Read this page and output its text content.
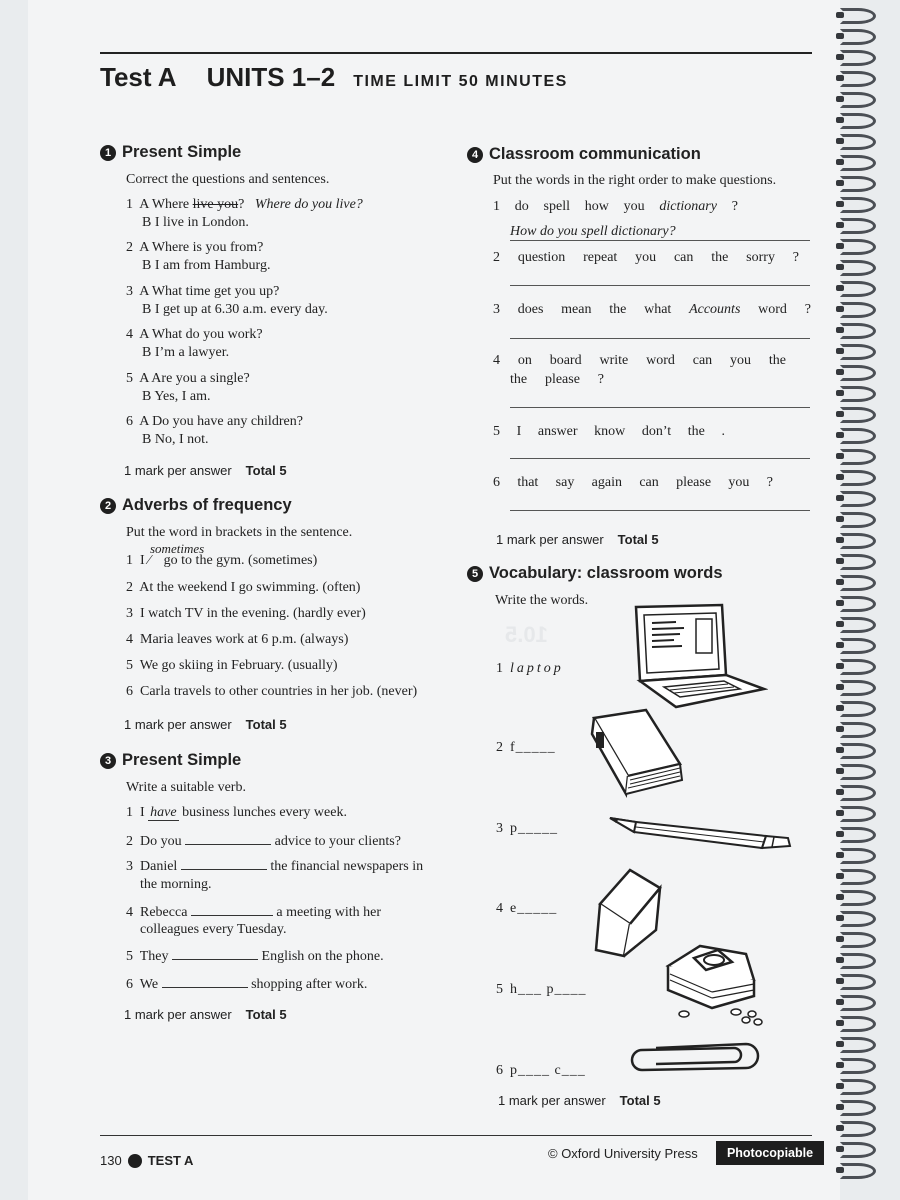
10.5
Test A UNITS 1–2 TIME LIMIT 50 MINUTES
1 Present Simple
Correct the questions and sentences.
1 A Where live you? Where do you live?
B I live in London.
2 A Where is you from?
B I am from Hamburg.
3 A What time get you up?
B I get up at 6.30 a.m. every day.
4 A What do you work?
B I’m a lawyer.
5 A Are you a single?
B Yes, I am.
6 A Do you have any children?
B No, I not.
1 mark per answer Total 5
2 Adverbs of frequency
Put the word in brackets in the sentence.
sometimes
1 I ⁄ go to the gym. (sometimes)
2 At the weekend I go swimming. (often)
3 I watch TV in the evening. (hardly ever)
4 Maria leaves work at 6 p.m. (always)
5 We go skiing in February. (usually)
6 Carla travels to other countries in her job. (never)
1 mark per answer Total 5
3 Present Simple
Write a suitable verb.
1 I have business lunches every week.
2 Do you	advice to your clients?
3 Daniel	the financial newspapers in
the morning.
4 Rebecca	a meeting with her
colleagues every Tuesday.
5 They	English on the phone.
6 We	shopping after work.
1 mark per answer Total 5
4 Classroom communication
Put the words in the right order to make questions.
1 do spell how you dictionary ?
How do you spell dictionary?
2 question repeat you can the sorry ?
3 does mean the what Accounts word ?
4 on board write word can you the
the please ?
5 I answer know don’t the .
6 that say again can please you ?
1 mark per answer Total 5
5 Vocabulary: classroom words
Write the words.
1 laptop
2 f_____
3 p_____
4 e_____
5 h___ p____
6 p____ c___
1 mark per answer Total 5
130 TEST A	© Oxford University Press	Photocopiable
